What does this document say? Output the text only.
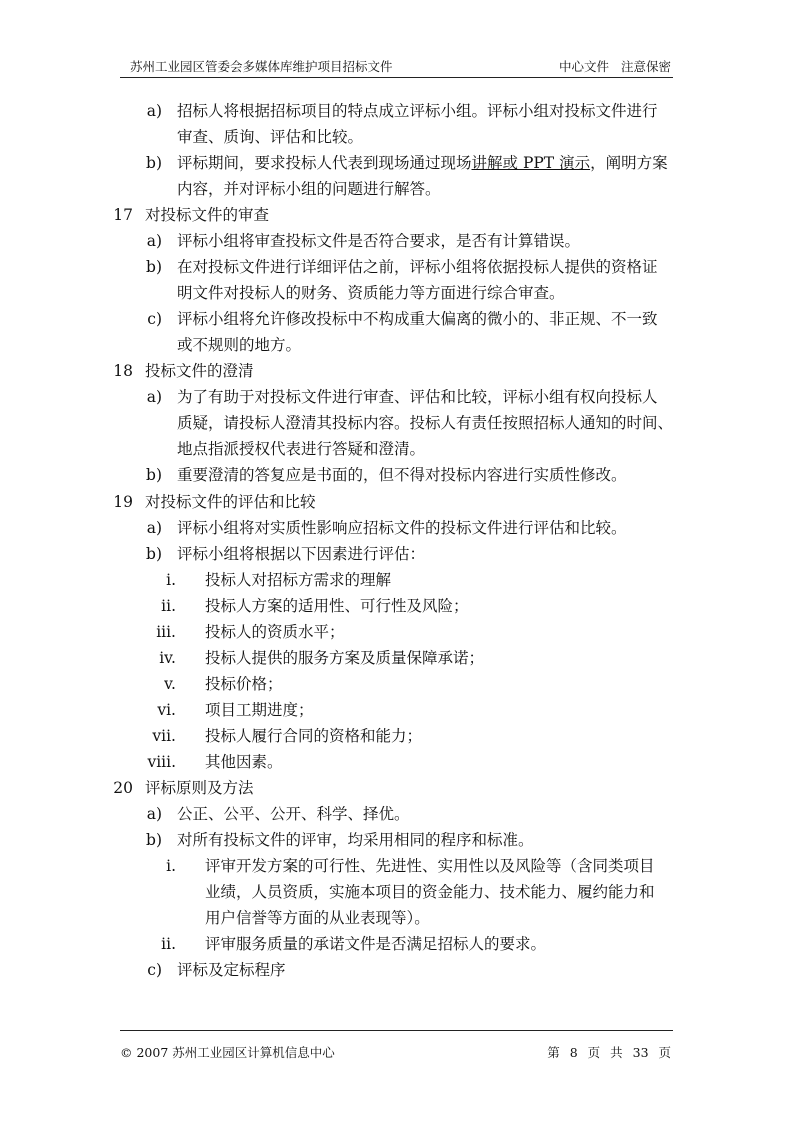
苏州工业园区管委会多媒体库维护项目招标文件	中心文件 注意保密
a) 招标人将根据招标项目的特点成立评标小组。评标小组对投标文件进行
审查、质询、评估和比较。
b) 评标期间，要求投标人代表到现场通过现场讲解或 PPT 演示，阐明方案
内容，并对评标小组的问题进行解答。
17 对投标文件的审查
a) 评标小组将审查投标文件是否符合要求，是否有计算错误。
b) 在对投标文件进行详细评估之前，评标小组将依据投标人提供的资格证
明文件对投标人的财务、资质能力等方面进行综合审查。
c) 评标小组将允许修改投标中不构成重大偏离的微小的、非正规、不一致
或不规则的地方。
18 投标文件的澄清
a) 为了有助于对投标文件进行审查、评估和比较，评标小组有权向投标人
质疑，请投标人澄清其投标内容。投标人有责任按照招标人通知的时间、
地点指派授权代表进行答疑和澄清。
b) 重要澄清的答复应是书面的，但不得对投标内容进行实质性修改。
19 对投标文件的评估和比较
a) 评标小组将对实质性影响应招标文件的投标文件进行评估和比较。
b) 评标小组将根据以下因素进行评估：
i. 投标人对招标方需求的理解
ii. 投标人方案的适用性、可行性及风险；
iii. 投标人的资质水平；
iv. 投标人提供的服务方案及质量保障承诺；
v. 投标价格；
vi. 项目工期进度；
vii. 投标人履行合同的资格和能力；
viii. 其他因素。
20 评标原则及方法
a) 公正、公平、公开、科学、择优。
b) 对所有投标文件的评审，均采用相同的程序和标准。
i. 评审开发方案的可行性、先进性、实用性以及风险等（含同类项目
业绩，人员资质，实施本项目的资金能力、技术能力、履约能力和
用户信誉等方面的从业表现等）。
ii. 评审服务质量的承诺文件是否满足招标人的要求。
c) 评标及定标程序
© 2007 苏州工业园区计算机信息中心	第 8 页 共 33 页
